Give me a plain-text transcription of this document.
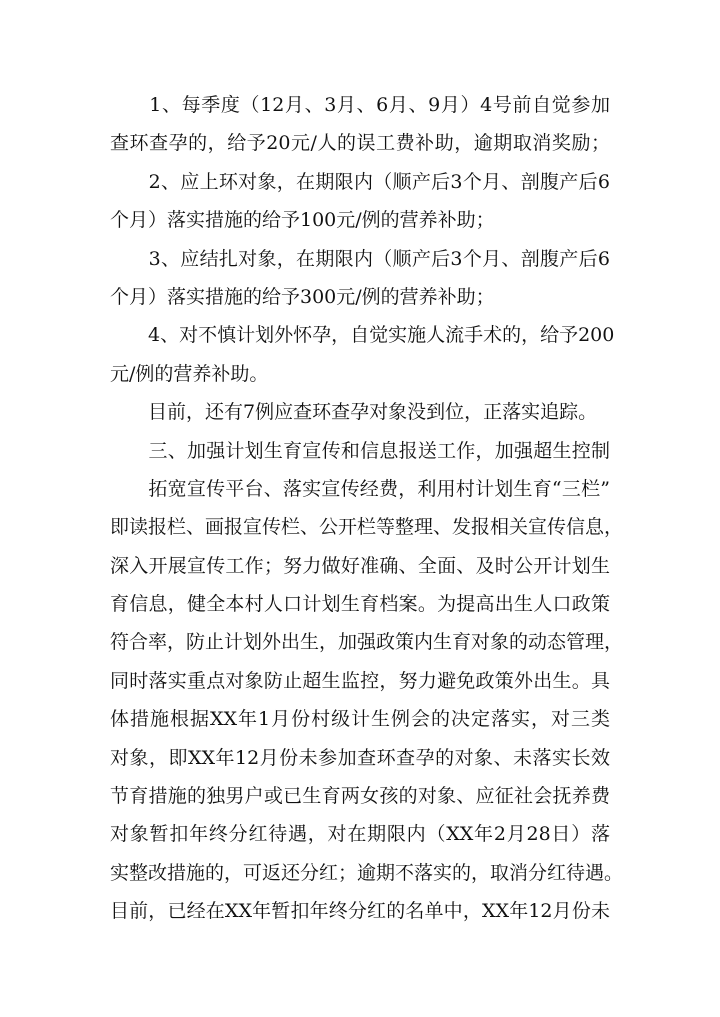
　　1、每季度（12月、3月、6月、9月）4号前自觉参加
查环查孕的，给予20元/人的误工费补助，逾期取消奖励；
　　2、应上环对象，在期限内（顺产后3个月、剖腹产后6
个月）落实措施的给予100元/例的营养补助；
　　3、应结扎对象，在期限内（顺产后3个月、剖腹产后6
个月）落实措施的给予300元/例的营养补助；
　　4、对不慎计划外怀孕，自觉实施人流手术的，给予200
元/例的营养补助。
　　目前，还有7例应查环查孕对象没到位，正落实追踪。
　　三、加强计划生育宣传和信息报送工作，加强超生控制
　　拓宽宣传平台、落实宣传经费，利用村计划生育“三栏”
即读报栏、画报宣传栏、公开栏等整理、发报相关宣传信息，
深入开展宣传工作；努力做好准确、全面、及时公开计划生
育信息，健全本村人口计划生育档案。为提高出生人口政策
符合率，防止计划外出生，加强政策内生育对象的动态管理，
同时落实重点对象防止超生监控，努力避免政策外出生。具
体措施根据XX年1月份村级计生例会的决定落实，对三类
对象，即XX年12月份未参加查环查孕的对象、未落实长效
节育措施的独男户或已生育两女孩的对象、应征社会抚养费
对象暂扣年终分红待遇，对在期限内（XX年2月28日）落
实整改措施的，可返还分红；逾期不落实的，取消分红待遇。
目前，已经在XX年暂扣年终分红的名单中，XX年12月份未
